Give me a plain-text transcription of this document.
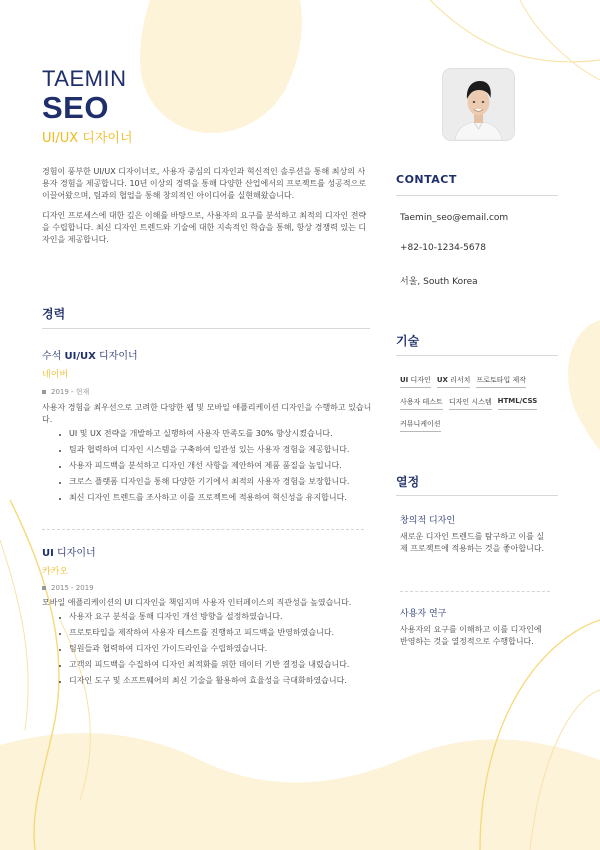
TAEMIN
SEO
UI/UX 디자이너

경험이 풍부한 UI/UX 디자이너로, 사용자 중심의 디자인과 혁신적인 솔루션을 통해 최상의 사용자 경험을 제공합니다. 10년 이상의 경력을 통해 다양한 산업에서의 프로젝트를 성공적으로 이끌어왔으며, 팀과의 협업을 통해 창의적인 아이디어를 실현해왔습니다.

디자인 프로세스에 대한 깊은 이해를 바탕으로, 사용자의 요구를 분석하고 최적의 디자인 전략을 수립합니다. 최신 디자인 트렌드와 기술에 대한 지속적인 학습을 통해, 항상 경쟁력 있는 디자인을 제공합니다.

경력
수석 UI/UX 디자이너
네이버
2019 - 현재
사용자 경험을 최우선으로 고려한 다양한 웹 및 모바일 애플리케이션 디자인을 수행하고 있습니다.
• UI 및 UX 전략을 개발하고 실행하여 사용자 만족도를 30% 향상시켰습니다.
• 팀과 협력하여 디자인 시스템을 구축하여 일관성 있는 사용자 경험을 제공합니다.
• 사용자 피드백을 분석하고 디자인 개선 사항을 제안하여 제품 품질을 높입니다.
• 크로스 플랫폼 디자인을 통해 다양한 기기에서 최적의 사용자 경험을 보장합니다.
• 최신 디자인 트렌드를 조사하고 이를 프로젝트에 적용하여 혁신성을 유지합니다.
UI 디자이너
카카오
2015 - 2019
모바일 애플리케이션의 UI 디자인을 책임지며 사용자 인터페이스의 직관성을 높였습니다.
• 사용자 요구 분석을 통해 디자인 개선 방향을 설정하였습니다.
• 프로토타입을 제작하여 사용자 테스트를 진행하고 피드백을 반영하였습니다.
• 팀원들과 협력하여 디자인 가이드라인을 수립하였습니다.
• 고객의 피드백을 수집하여 디자인 최적화를 위한 데이터 기반 결정을 내렸습니다.
• 디자인 도구 및 소프트웨어의 최신 기술을 활용하여 효율성을 극대화하였습니다.
CONTACT
Taemin_seo@email.com
+82-10-1234-5678
서울, South Korea
기술
UI 디자인 UX 리서치 프로토타입 제작
사용자 테스트 디자인 시스템 HTML/CSS
커뮤니케이션
열정
창의적 디자인
새로운 디자인 트렌드를 탐구하고 이를 실제 프로젝트에 적용하는 것을 좋아합니다.
사용자 연구
사용자의 요구를 이해하고 이를 디자인에 반영하는 것을 열정적으로 수행합니다.
